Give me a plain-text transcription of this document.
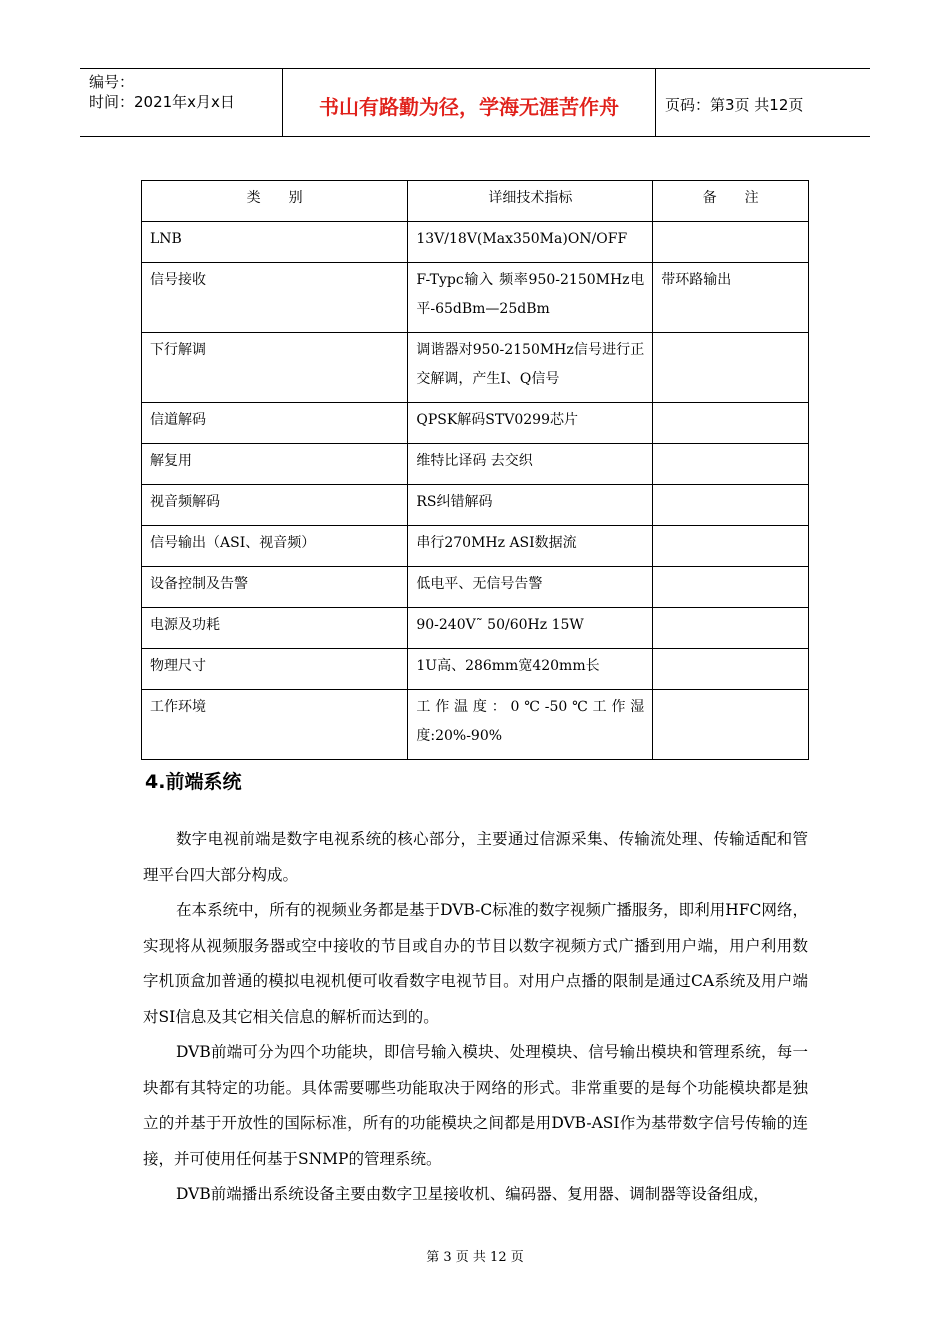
编号：
时间：2021年x月x日	书山有路勤为径，学海无涯苦作舟	页码：第3页 共12页
类　　别	详细技术指标	备　　注
LNB	13V/18V(Max350Ma)ON/OFF	
信号接收	F-Typc输入 频率950-2150MHz电平-65dBm—25dBm	带环路输出
下行解调	调谐器对950-2150MHz信号进行正交解调，产生I、Q信号	
信道解码	QPSK解码STV0299芯片	
解复用	维特比译码 去交织	
视音频解码	RS纠错解码	
信号输出（ASI、视音频）	串行270MHz ASI数据流	
设备控制及告警	低电平、无信号告警	
电源及功耗	90-240V˜ 50/60Hz 15W	
物理尺寸	1U高、286mm宽420mm长	
工作环境	工作温度：0℃-50℃工作湿度:20%-90%	
4.前端系统

数字电视前端是数字电视系统的核心部分，主要通过信源采集、传输流处理、传输适配和管理平台四大部分构成。

在本系统中，所有的视频业务都是基于DVB-C标准的数字视频广播服务，即利用HFC网络，实现将从视频服务器或空中接收的节目或自办的节目以数字视频方式广播到用户端，用户利用数字机顶盒加普通的模拟电视机便可收看数字电视节目。对用户点播的限制是通过CA系统及用户端对SI信息及其它相关信息的解析而达到的。

DVB前端可分为四个功能块，即信号输入模块、处理模块、信号输出模块和管理系统，每一块都有其特定的功能。具体需要哪些功能取决于网络的形式。非常重要的是每个功能模块都是独立的并基于开放性的国际标准，所有的功能模块之间都是用DVB-ASI作为基带数字信号传输的连接，并可使用任何基于SNMP的管理系统。

DVB前端播出系统设备主要由数字卫星接收机、编码器、复用器、调制器等设备组成，

第 3 页 共 12 页
